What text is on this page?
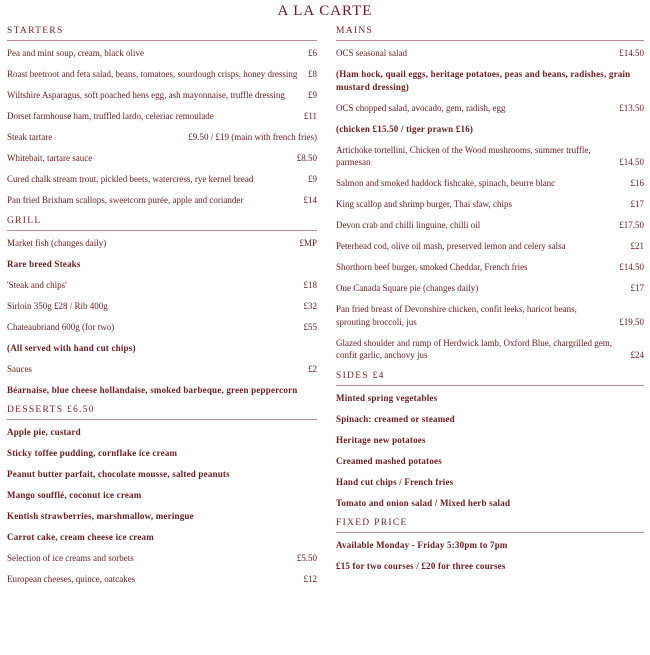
A LA CARTE
STARTERS
Pea and mint soup, cream, black olive	£6
Roast beetroot and feta salad, beans, tomatoes, sourdough crisps, honey dressing	£8
Wiltshire Asparagus, soft poached hens egg, ash mayonnaise, truffle dressing	£9
Dorset farmhouse ham, truffled lardo, celeriac remoulade	£11
Steak tartare	£9.50 / £19 (main with french fries)
Whitebait, tartare sauce	£8.50
Cured chalk stream trout, pickled beets, watercress, rye kernel bread	£9
Pan fried Brixham scallops, sweetcorn purée, apple and coriander	£14
GRILL
Market fish (changes daily)	£MP
Rare breed Steaks
'Steak and chips'	£18
Sirloin 350g £28 / Rib 400g	£32
Chateaubriand 600g (for two)	£55
(All served with hand cut chips)
Sauces	£2
Béarnaise, blue cheese hollandaise, smoked barbeque, green peppercorn
DESSERTS £6.50
Apple pie, custard
Sticky toffee pudding, cornflake ice cream
Peanut butter parfait, chocolate mousse, salted peanuts
Mango soufflé, coconut ice cream
Kentish strawberries, marshmallow, meringue
Carrot cake, cream cheese ice cream
Selection of ice creams and sorbets	£5.50
European cheeses, quince, oatcakes	£12
MAINS
OCS seasonal salad	£14.50
(Ham hock, quail eggs, heritage potatoes, peas and beans, radishes, grain mustard dressing)
OCS chopped salad, avocado, gem, radish, egg	£13.50
(chicken £15.50 / tiger prawn £16)
Artichoke tortellini, Chicken of the Wood mushrooms, summer truffle, parmesan	£14.50
Salmon and smoked haddock fishcake, spinach, beurre blanc	£16
King scallop and shrimp burger, Thai slaw, chips	£17
Devon crab and chilli linguine, chilli oil	£17.50
Peterhead cod, olive oil mash, preserved lemon and celery salsa	£21
Shorthorn beef burger, smoked Cheddar, French fries	£14.50
One Canada Square pie (changes daily)	£17
Pan fried breast of Devonshire chicken, confit leeks, haricot beans, sprouting broccoli, jus	£19.50
Glazed shoulder and rump of Herdwick lamb, Oxford Blue, chargrilled gem, confit garlic, anchovy jus	£24
SIDES £4
Minted spring vegetables
Spinach: creamed or steamed
Heritage new potatoes
Creamed mashed potatoes
Hand cut chips / French fries
Tomato and onion salad / Mixed herb salad
FIXED PRICE
Available Monday - Friday 5:30pm to 7pm
£15 for two courses / £20 for three courses
